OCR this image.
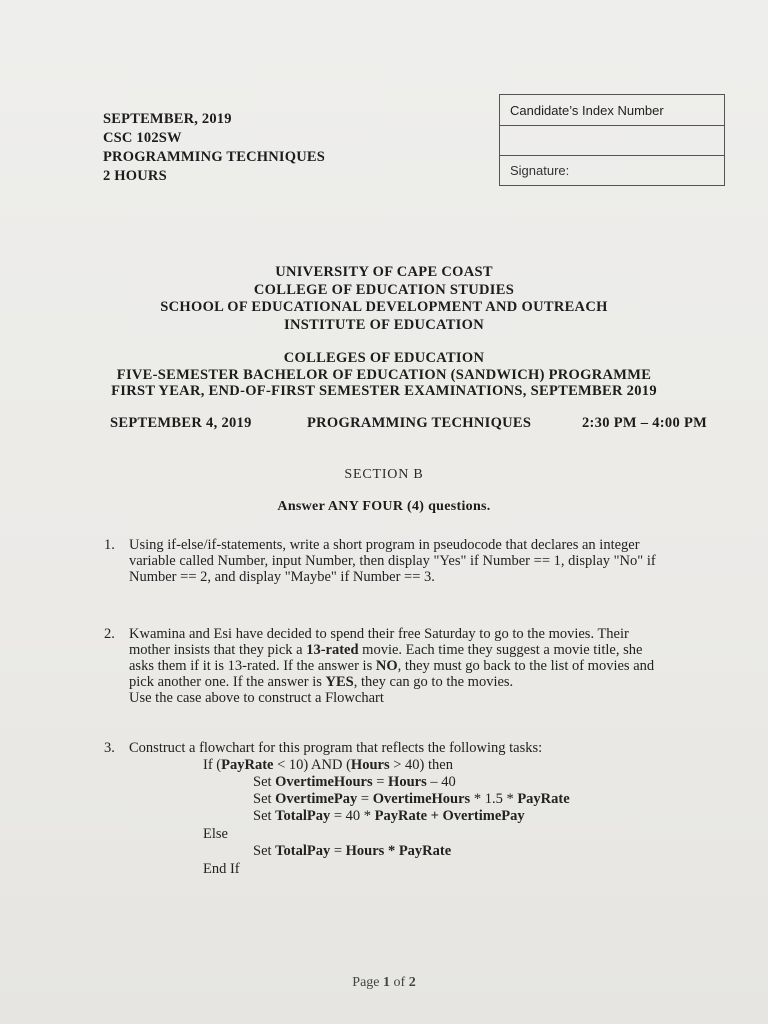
SEPTEMBER, 2019
CSC 102SW
PROGRAMMING TECHNIQUES
2 HOURS
Candidate’s Index Number
Signature:
UNIVERSITY OF CAPE COAST
COLLEGE OF EDUCATION STUDIES
SCHOOL OF EDUCATIONAL DEVELOPMENT AND OUTREACH
INSTITUTE OF EDUCATION
COLLEGES OF EDUCATION
FIVE-SEMESTER BACHELOR OF EDUCATION (SANDWICH) PROGRAMME
FIRST YEAR, END-OF-FIRST SEMESTER EXAMINATIONS, SEPTEMBER 2019
SEPTEMBER 4, 2019	PROGRAMMING TECHNIQUES	2:30 PM – 4:00 PM
SECTION B
Answer ANY FOUR (4) questions.
1. Using if-else/if-statements, write a short program in pseudocode that declares an integer
variable called Number, input Number, then display "Yes" if Number == 1, display "No" if
Number == 2, and display "Maybe" if Number == 3.
2. Kwamina and Esi have decided to spend their free Saturday to go to the movies. Their
mother insists that they pick a 13-rated movie. Each time they suggest a movie title, she
asks them if it is 13-rated. If the answer is NO, they must go back to the list of movies and
pick another one. If the answer is YES, they can go to the movies.
Use the case above to construct a Flowchart
3. Construct a flowchart for this program that reflects the following tasks:
If (PayRate < 10) AND (Hours > 40) then
Set OvertimeHours = Hours – 40
Set OvertimePay = OvertimeHours * 1.5 * PayRate
Set TotalPay = 40 * PayRate + OvertimePay
Else
Set TotalPay = Hours * PayRate
End If
Page 1 of 2
